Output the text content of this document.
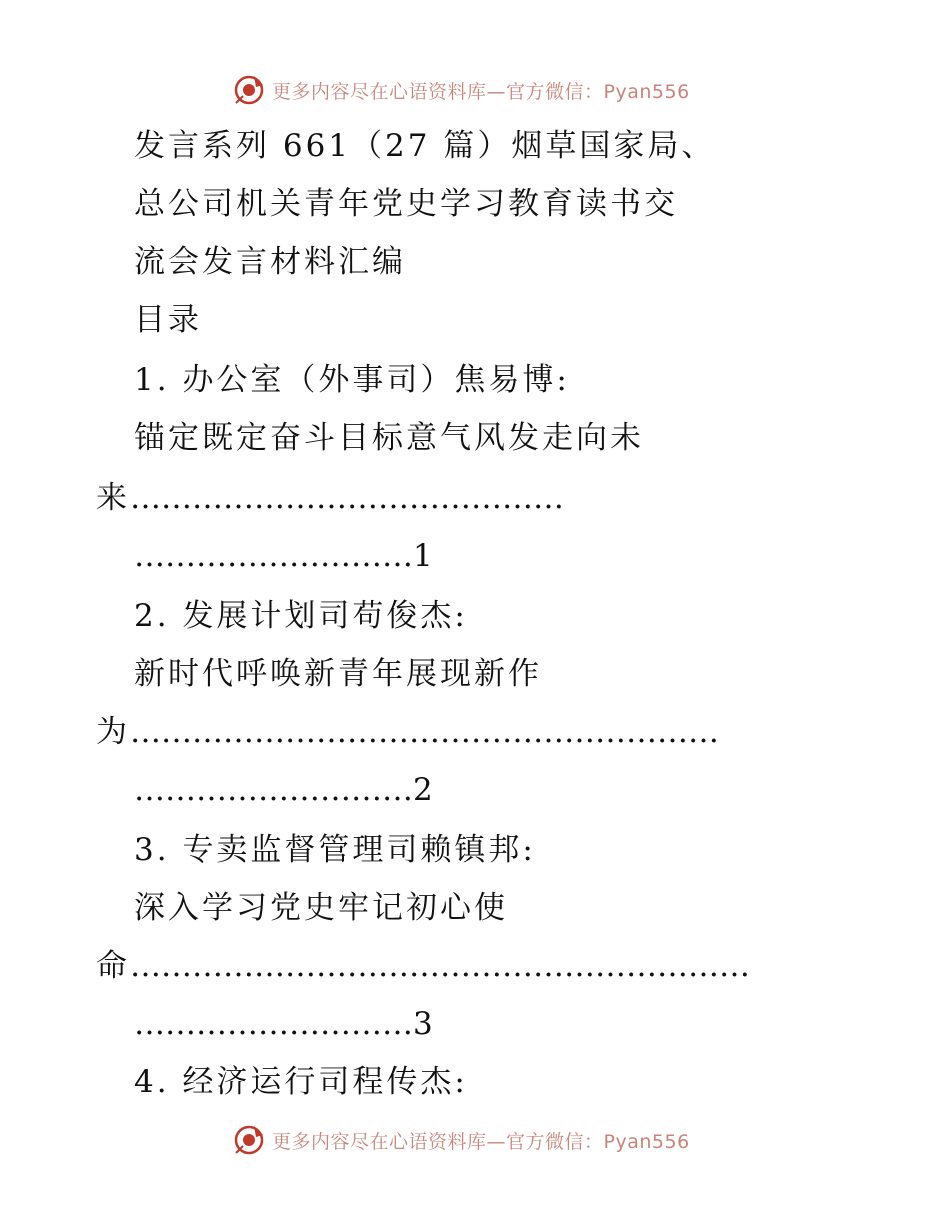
更多内容尽在心语资料库—官方微信：Pyan556
发言系列 661（27 篇）烟草国家局、
总公司机关青年党史学习教育读书交
流会发言材料汇编
目录
1. 办公室（外事司）焦易博:
锚定既定奋斗目标意气风发走向未
来……………………………………
………………………1
2. 发展计划司苟俊杰:
新时代呼唤新青年展现新作
为…………………………………………………
………………………2
3. 专卖监督管理司赖镇邦:
深入学习党史牢记初心使
命……………………………………………………
………………………3
4. 经济运行司程传杰:
更多内容尽在心语资料库—官方微信：Pyan556
